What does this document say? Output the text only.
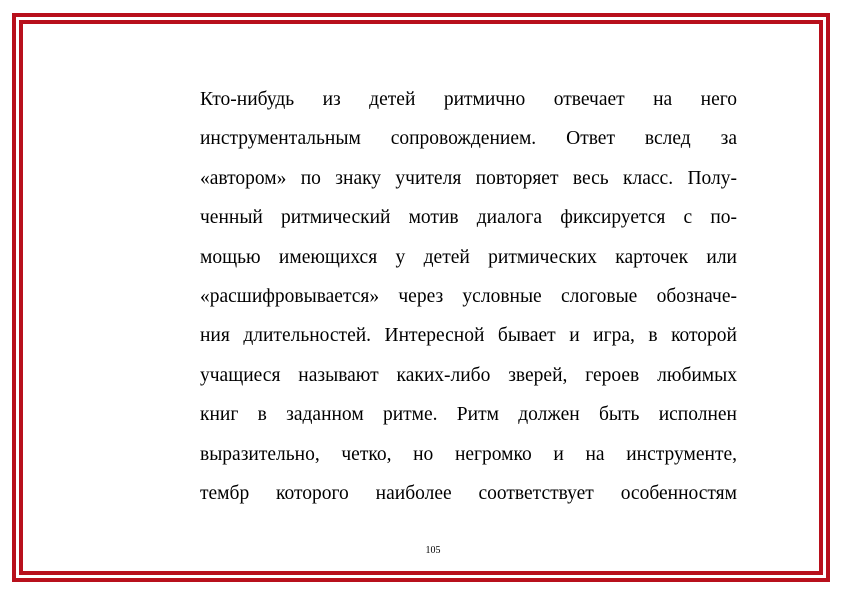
Кто-нибудь из детей ритмично отвечает на него
инструментальным сопровождением. Ответ вслед за
«автором» по знаку учителя повторяет весь класс. Полу-
ченный ритмический мотив диалога фиксируется с по-
мощью имеющихся у детей ритмических карточек или
«расшифровывается» через условные слоговые обозначе-
ния длительностей. Интересной бывает и игра, в которой
учащиеся называют каких-либо зверей, героев любимых
книг в заданном ритме. Ритм должен быть исполнен
выразительно, четко, но негромко и на инструменте,
тембр которого наиболее соответствует особенностям
105
